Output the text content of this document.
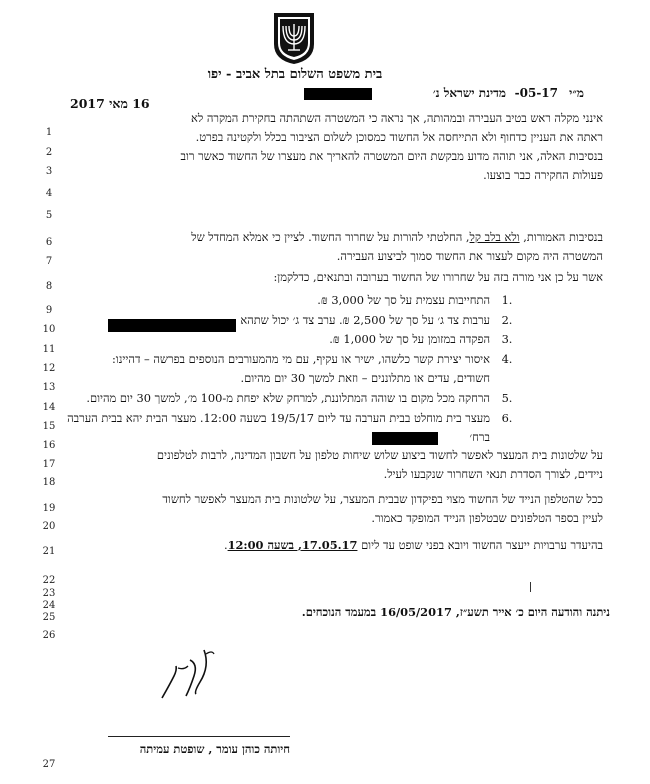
בית משפט השלום בתל אביב - יפו
מ״י
-05-17
מדינת ישראל נ׳
16 מאי 2017
1
2
3
4
5
6
7
8
9
10
11
12
13
14
15
16
17
18
19
20
21
22
23
24
25
26
27
אינני מקלה ראש בטיב העבירה ובמהותה, אך נראה כי המשטרה השתהתה בחקירת המקרה לא
ראתה את העניין כדחוף ולא התייחסה אל החשוד כמסוכן לשלום הציבור בכלל ולקטינה בפרט.
בנסיבות האלה, אני תוהה מדוע מבקשת היום המשטרה להאריך את מעצרו של החשוד כאשר רוב
פעולות החקירה כבר בוצעו.
בנסיבות האמורות, ולא בלב קל, החלטתי להורות על שחרור החשוד. לציין כי אמלא המחדל של
המשטרה היה מקום לעצור את החשוד סמוך לביצוע העבירה.
אשר על כן אני מורה בזה על שחרורו של החשוד בערובה ובתנאים, כדלקמן:
1.
התחייבות עצמית על סך של 3,000 ₪.
2.
ערבות צד ג׳ על סך של 2,500 ₪. ערב צד ג׳ יכול שתהא
3.
הפקדה במזומן על סך של 1,000 ₪.
4.
איסור יצירת קשר כלשהו, ישיר או עקיף, עם מי מהמעורבים הנוספים בפרשה – דהיינו:
חשודים, עדים או מתלוננים – וזאת למשך 30 יום מהיום.
5.
הרחקה מכל מקום בו שוהה המתלוננת, למרחק שלא יפחת מ-100 מ׳, למשך 30 יום מהיום.
6.
מעצר בית מוחלט בבית הערבה עד ליום 19/5/17 בשעה 12:00. מעצר הבית יהא בבית הערבה
ברח׳
על שלטונות בית המעצר לאפשר לחשוד ביצוע שלוש שיחות טלפון על חשבון המדינה, לרבות לטלפונים
ניידים, לצורך הסדרת תנאי השחרור שנקבעו לעיל.
ככל שהטלפון הנייד של החשוד מצוי בפיקדון שבבית המעצר, על שלטונות בית המעצר לאפשר לחשוד
לעיין בספר הטלפונים שבטלפון הנייד המופקד כאמור.
בהיעדר ערבויות ייעצר החשוד ויובא בפני שופט עד ליום 17.05.17, בשעה 12:00.
ניתנה והודעה היום כ׳ אייר תשע״ז, 16/05/2017 במעמד הנוכחים.
חיותה כוהן עומר , שופטת עמיתה
